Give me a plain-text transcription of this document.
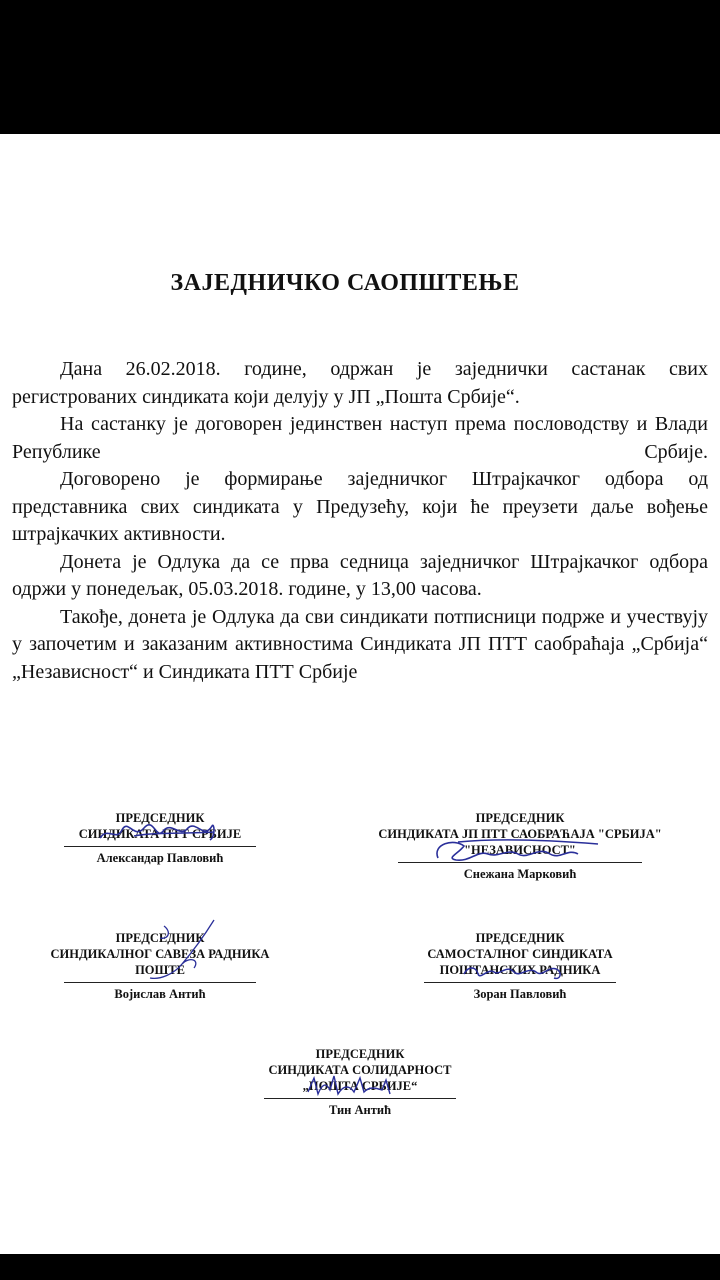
ЗАЈЕДНИЧКО САОПШТЕЊЕ

Дана 26.02.2018. године, одржан је заједнички састанак свих регистрованих синдиката који делују у ЈП „Пошта Србије“.

На састанку је договорен јединствен наступ према пословодству и Влади Републике Србије.

Договорено је формирање заједничког Штрајкачког одбора од представника свих синдиката у Предузећу, који ће преузети даље вођење штрајкачких активности.

Донета је Одлука да се прва седница заједничког Штрајкачког одбора одржи у понедељак, 05.03.2018. године, у 13,00 часова.

Такође, донета је Одлука да сви синдикати потписници подрже и учествују у започетим и заказаним активностима Синдиката ЈП ПТТ саобраћаја „Србија“ „Независност“ и Синдиката ПТТ Србије

ПРЕДСЕДНИК
СИНДИКАТА ПТТ СРБИЈЕ
Александар Павловић
ПРЕДСЕДНИК
СИНДИКАТА ЈП ПТТ САОБРАЋАЈА "СРБИЈА"
"НЕЗАВИСНОСТ"
Снежана Марковић
ПРЕДСЕДНИК
СИНДИКАЛНОГ САВЕЗА РАДНИКА
ПОШТЕ
Војислав Антић
ПРЕДСЕДНИК
САМОСТАЛНОГ СИНДИКАТА
ПОШТАНСКИХ РАДНИКА
Зоран Павловић
ПРЕДСЕДНИК
СИНДИКАТА СОЛИДАРНОСТ
„ПОШТА СРБИЈЕ“
Тин Антић
